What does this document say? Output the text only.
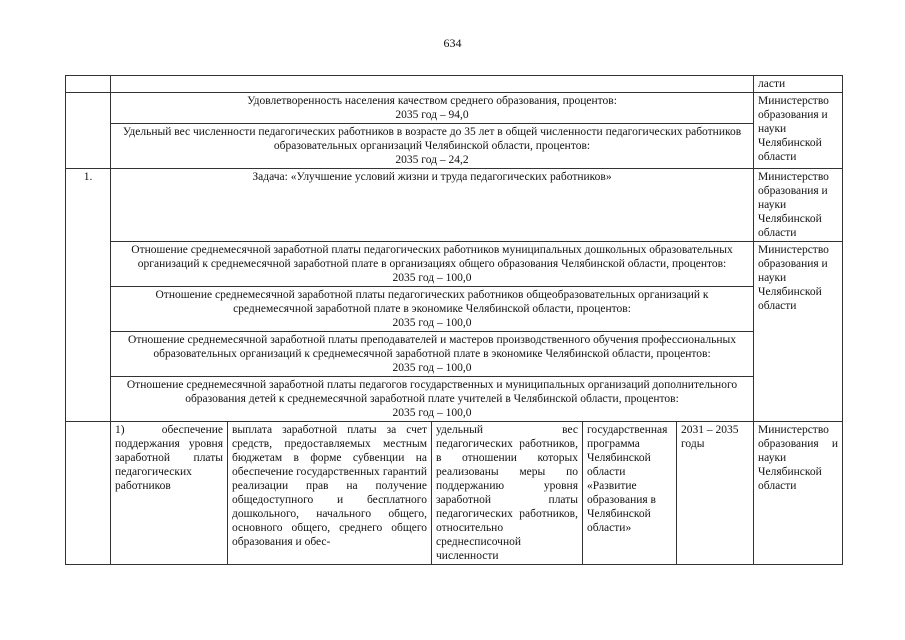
634
						ласти

	Удовлетворенность населения качеством среднего образования, процентов:
2035 год – 94,0					Министерство образования и науки Челябинской области

	Удельный вес численности педагогических работников в возрасте до 35 лет в общей численности педагогических работников образовательных организаций Челябинской области, процентов:
2035 год – 24,2					

1.	Задача: «Улучшение условий жизни и труда педагогических работников»					Министерство образования и науки Челябинской области

	Отношение среднемесячной заработной платы педагогических работников муниципальных дошкольных образовательных организаций к среднемесячной заработной плате в организациях общего образования Челябинской области, процентов:
2035 год – 100,0					Министерство образования и науки Челябинской области

	Отношение среднемесячной заработной платы педагогических работников общеобразовательных организаций к среднемесячной заработной плате в экономике Челябинской области, процентов:
2035 год – 100,0					

	Отношение среднемесячной заработной платы преподавателей и мастеров производственного обучения профессиональных образовательных организаций к среднемесячной заработной плате в экономике Челябинской области, процентов:
2035 год – 100,0					

	Отношение среднемесячной заработной платы педагогов государственных и муниципальных организаций дополнительного образования детей к среднемесячной заработной плате учителей в Челябинской области, процентов:
2035 год – 100,0					

	1) обеспечение поддержания уровня заработной платы педагогических работников	выплата заработной платы за счет средств, предоставляемых местным бюджетам в форме субвенции на обеспечение государственных гарантий реализации прав на получение общедоступного и бесплатного дошкольного, начального общего, основного общего, среднего общего образования и обес-	удельный вес педагогических работников, в отношении которых реализованы меры по поддержанию уровня заработной платы педагогических работников, относительно среднесписочной численности	государственная программа Челябинской области «Развитие образования в Челябинской области»	2031 – 2035 годы	Министерство образования и науки Челябинской области
